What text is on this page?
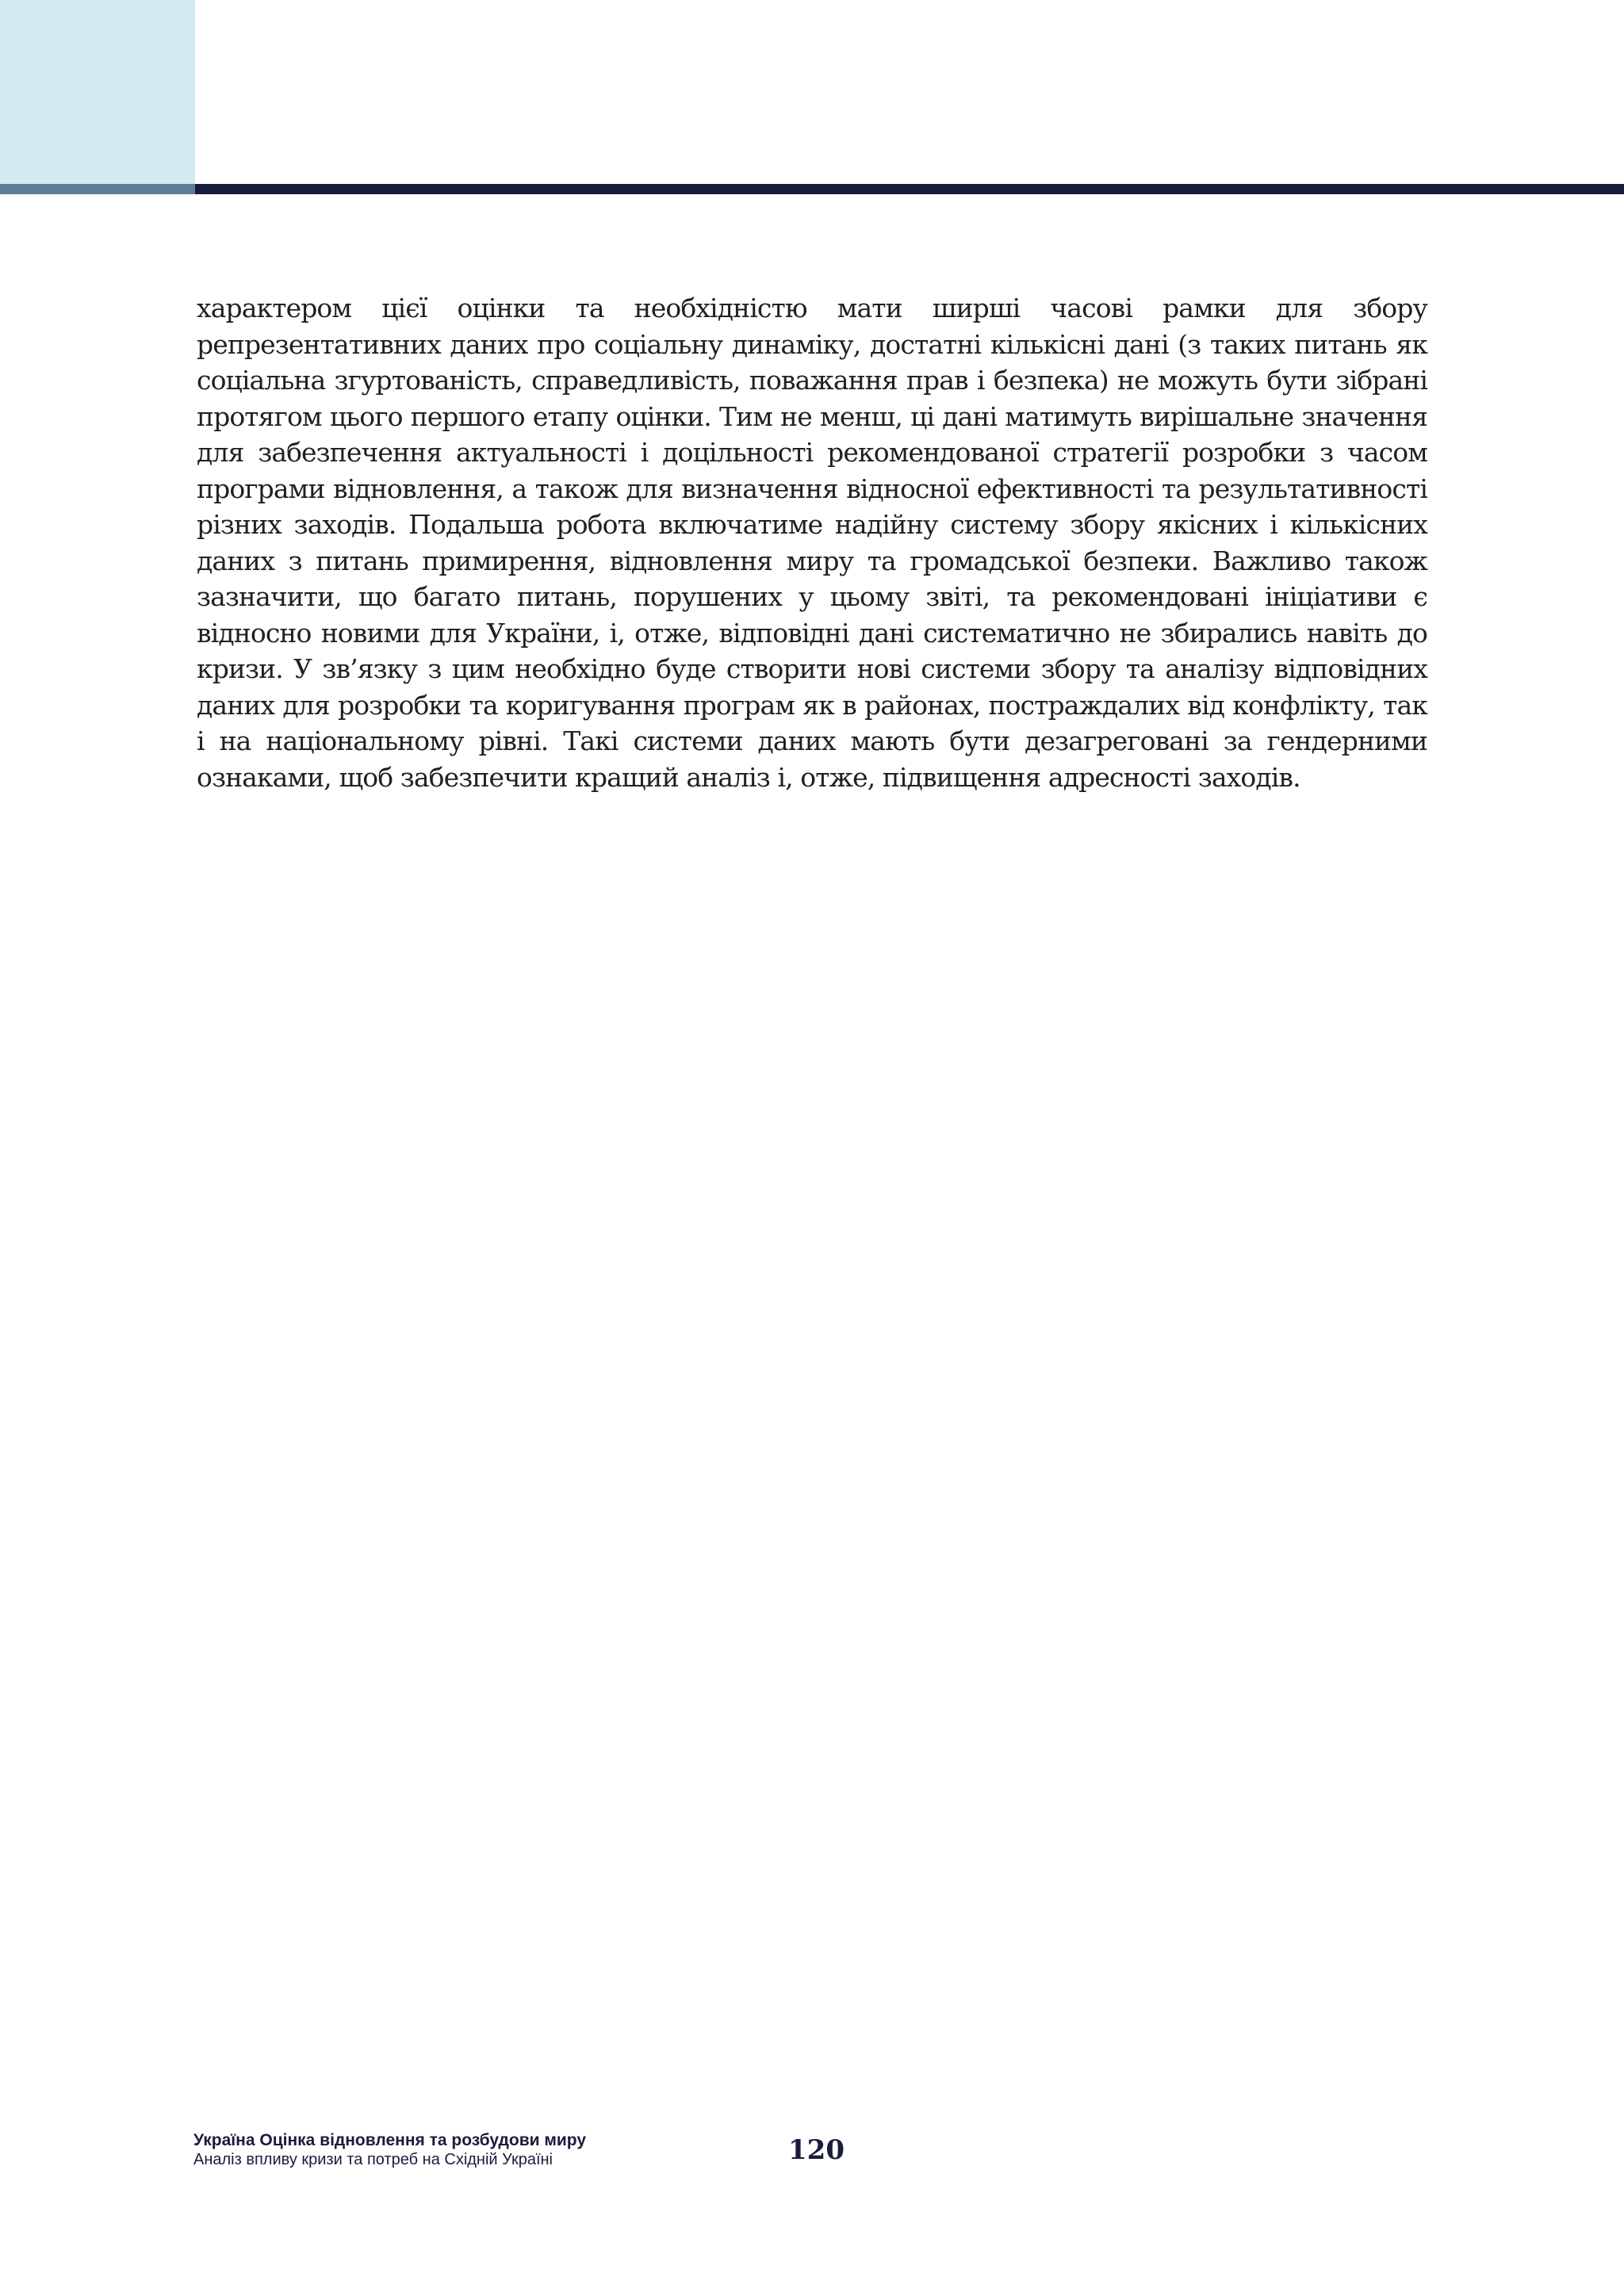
характером цієї оцінки та необхідністю мати ширші часові рамки для збору репрезентативних даних про соціальну динаміку, достатні кількісні дані (з таких питань як соціальна згуртованість, справедливість, поважання прав і безпека) не можуть бути зібрані протягом цього першого етапу оцінки. Тим не менш, ці дані матимуть вирішальне значення для забезпечення актуальності і доцільності рекомендованої стратегії розробки з часом програми відновлення, а також для визначення відносної ефективності та результативності різних заходів. Подальша робота включатиме надійну систему збору якісних і кількісних даних з питань примирення, відновлення миру та громадської безпеки. Важливо також зазначити, що багато питань, порушених у цьому звіті, та рекомендовані ініціативи є відносно новими для України, і, отже, відповідні дані систематично не збирались навіть до кризи. У зв’язку з цим необхідно буде створити нові системи збору та аналізу відповідних даних для розробки та коригування програм як в районах, постраждалих від конфлікту, так і на національному рівні. Такі системи даних мають бути дезагреговані за гендерними ознаками, щоб забезпечити кращий аналіз і, отже, підвищення адресності заходів.

Україна Оцінка відновлення та розбудови миру
Аналіз впливу кризи та потреб на Східній Україні	120
